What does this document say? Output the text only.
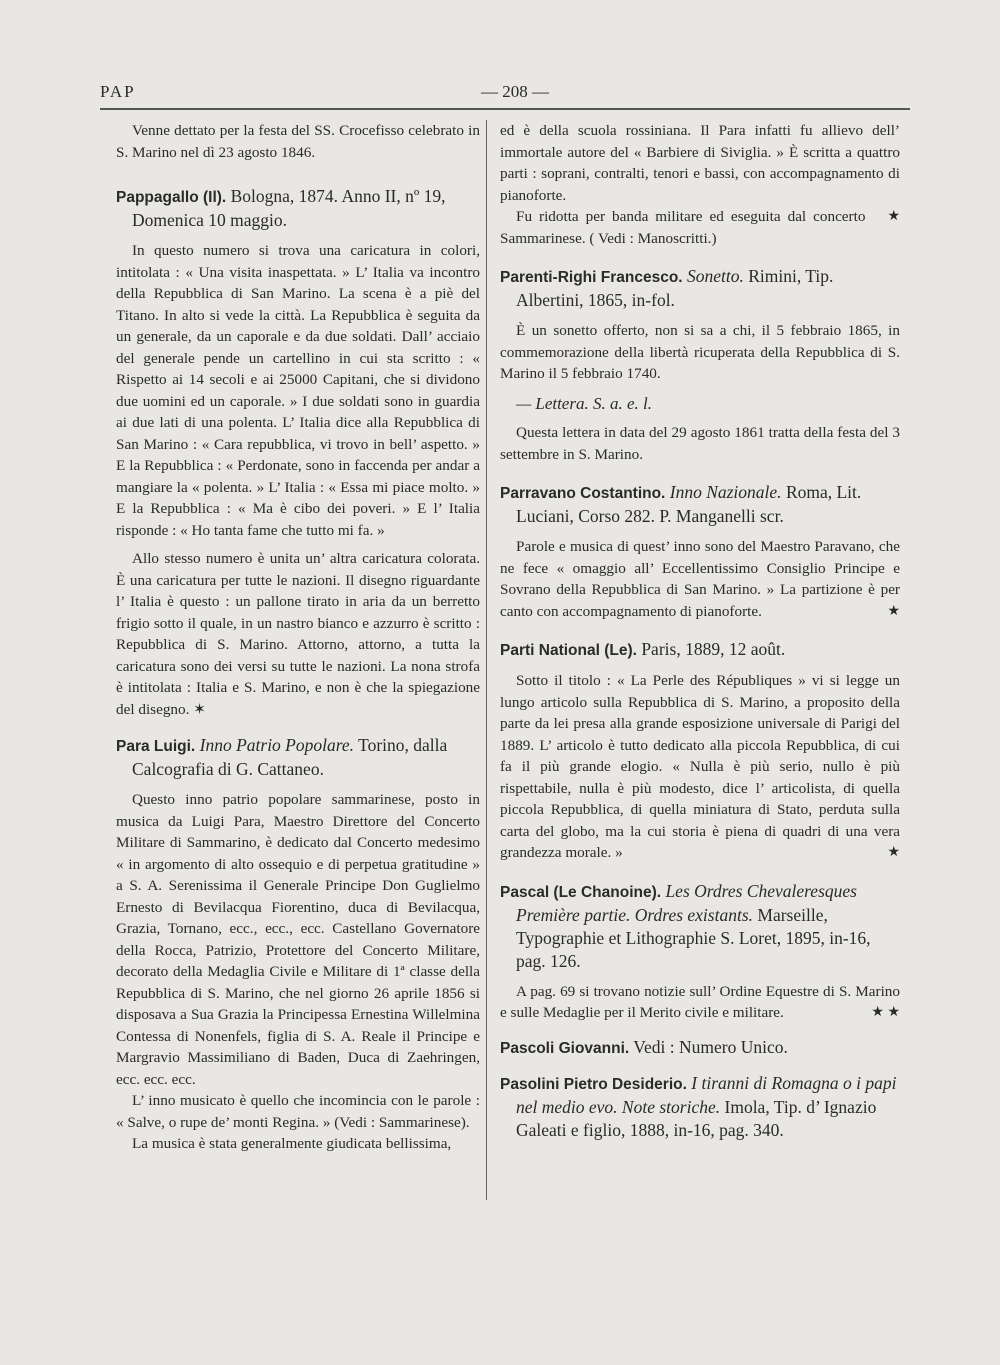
PAP	— 208 —

Venne dettato per la festa del SS. Crocefisso celebrato in S. Marino nel dì 23 agosto 1846.

Pappagallo (Il). Bologna, 1874. Anno II, nº 19, Domenica 10 maggio.

In questo numero si trova una caricatura in colori, intitolata : « Una visita inaspettata. » L’ Italia va incontro della Repubblica di San Marino. La scena è a piè del Titano. In alto si vede la città. La Repubblica è seguita da un generale, da un caporale e da due soldati. Dall’ acciaio del generale pende un cartellino in cui sta scritto : « Rispetto ai 14 secoli e ai 25000 Capitani, che si dividono due uomini ed un caporale. » I due soldati sono in guardia ai due lati di una polenta. L’ Italia dice alla Repubblica di San Marino : « Cara repubblica, vi trovo in bell’ aspetto. » E la Repubblica : « Perdonate, sono in faccenda per andar a mangiare la « polenta. » L’ Italia : « Essa mi piace molto. » E la Repubblica : « Ma è cibo dei poveri. » E l’ Italia risponde : « Ho tanta fame che tutto mi fa. »

Allo stesso numero è unita un’ altra caricatura colorata. È una caricatura per tutte le nazioni. Il disegno riguardante l’ Italia è questo : un pallone tirato in aria da un berretto frigio sotto il quale, in un nastro bianco e azzurro è scritto : Repubblica di S. Marino. Attorno, attorno, a tutta la caricatura sono dei versi su tutte le nazioni. La nona strofa è intitolata : Italia e S. Marino, e non è che la spiegazione del disegno. ✶

Para Luigi. Inno Patrio Popolare. Torino, dalla Calcografia di G. Cattaneo.

Questo inno patrio popolare sammarinese, posto in musica da Luigi Para, Maestro Direttore del Concerto Militare di Sammarino, è dedicato dal Concerto medesimo « in argomento di alto ossequio e di perpetua gratitudine » a S. A. Serenissima il Generale Principe Don Guglielmo Ernesto di Bevilacqua Fiorentino, duca di Bevilacqua, Grazia, Tornano, ecc., ecc., ecc. Castellano Governatore della Rocca, Patrizio, Protettore del Concerto Militare, decorato della Medaglia Civile e Militare di 1ª classe della Repubblica di S. Marino, che nel giorno 26 aprile 1856 si disposava a Sua Grazia la Principessa Ernestina Willelmina Contessa di Nonenfels, figlia di S. A. Reale il Principe e Margravio Massimiliano di Baden, Duca di Zaehringen, ecc. ecc. ecc.

L’ inno musicato è quello che incomincia con le parole : « Salve, o rupe de’ monti Regina. » (Vedi : Sammarinese).

La musica è stata generalmente giudicata bellissima,

ed è della scuola rossiniana. Il Para infatti fu allievo dell’ immortale autore del « Barbiere di Siviglia. » È scritta a quattro parti : soprani, contralti, tenori e bassi, con accompagnamento di pianoforte.

★
Fu ridotta per banda militare ed eseguita dal concerto Sammarinese. ( Vedi : Manoscritti.)

Parenti-Righi Francesco. Sonetto. Rimini, Tip. Albertini, 1865, in-fol.

È un sonetto offerto, non si sa a chi, il 5 febbraio 1865, in commemorazione della libertà ricuperata della Repubblica di S. Marino il 5 febbraio 1740.

— Lettera. S. a. e. l.

Questa lettera in data del 29 agosto 1861 tratta della festa del 3 settembre in S. Marino.

Parravano Costantino. Inno Nazionale. Roma, Lit. Luciani, Corso 282. P. Manganelli scr.

Parole e musica di quest’ inno sono del Maestro Paravano, che ne fece « omaggio all’ Eccellentissimo Consiglio Principe e Sovrano della Repubblica di San Marino. » La partizione è per canto con accompagnamento di pianoforte.	★

Parti National (Le). Paris, 1889, 12 août.

Sotto il titolo : « La Perle des Républiques » vi si legge un lungo articolo sulla Repubblica di S. Marino, a proposito della parte da lei presa alla grande esposizione universale di Parigi del 1889. L’ articolo è tutto dedicato alla piccola Repubblica, di cui fa il più grande elogio. « Nulla è più serio, nullo è più rispettabile, nulla è più modesto, dice l’ articolista, di quella piccola Repubblica, di quella miniatura di Stato, perduta sulla carta del globo, ma la cui storia è piena di quadri di una vera grandezza morale. »	★

Pascal (Le Chanoine). Les Ordres Chevaleresques Première partie. Ordres existants. Marseille, Typographie et Lithographie S. Loret, 1895, in-16, pag. 126.

A pag. 69 si trovano notizie sull’ Ordine Equestre di S. Marino e sulle Medaglie per il Merito civile e militare.	★ ★

Pascoli Giovanni. Vedi : Numero Unico.
Pasolini Pietro Desiderio. I tiranni di Romagna o i papi nel medio evo. Note storiche. Imola, Tip. d’ Ignazio Galeati e figlio, 1888, in-16, pag. 340.
